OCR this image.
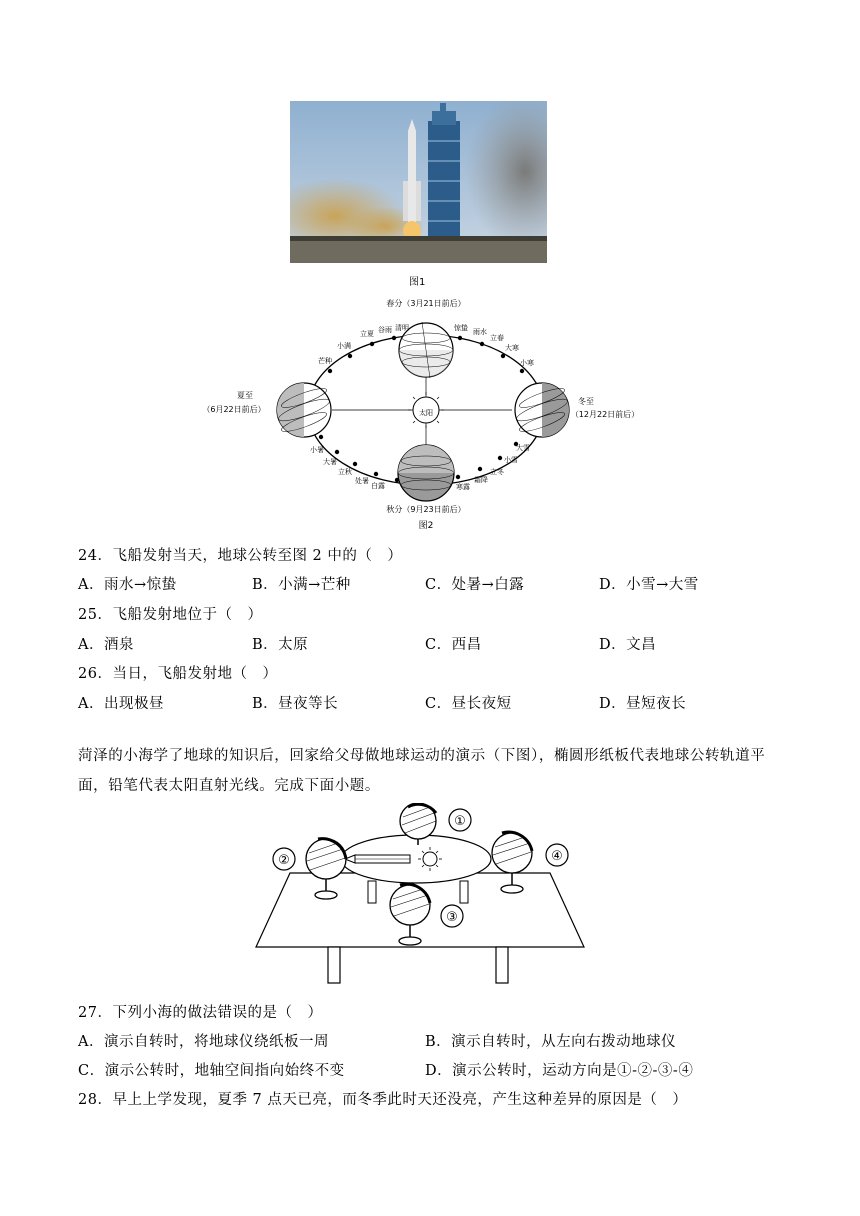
图1
立夏 谷雨 清明
小满
芒种
惊蛰 雨水
立春
大寒
小寒
小暑
大暑
立秋
处暑
白露	寒露
霜降
立冬
小雪
大雪
太阳
春分（3月21日前后）
夏至
（6月22日前后）
冬至
（12月22日前后）
秋分（9月23日前后）
图2
24．飞船发射当天，地球公转至图 2 中的（　）
A．雨水→惊蛰	B．小满→芒种	C．处暑→白露	D．小雪→大雪
25．飞船发射地位于（　）
A．酒泉	B．太原	C．西昌	D．文昌
26．当日，飞船发射地（　）
A．出现极昼	B．昼夜等长	C．昼长夜短	D．昼短夜长
菏泽的小海学了地球的知识后，回家给父母做地球运动的演示（下图），椭圆形纸板代表地球公转轨道平面，铅笔代表太阳直射光线。完成下面小题。
①
②
③
④
27．下列小海的做法错误的是（　）
A．演示自转时，将地球仪绕纸板一周	B．演示自转时，从左向右拨动地球仪
C．演示公转时，地轴空间指向始终不变	D．演示公转时，运动方向是①-②-③-④
28．早上上学发现，夏季 7 点天已亮，而冬季此时天还没亮，产生这种差异的原因是（　）
